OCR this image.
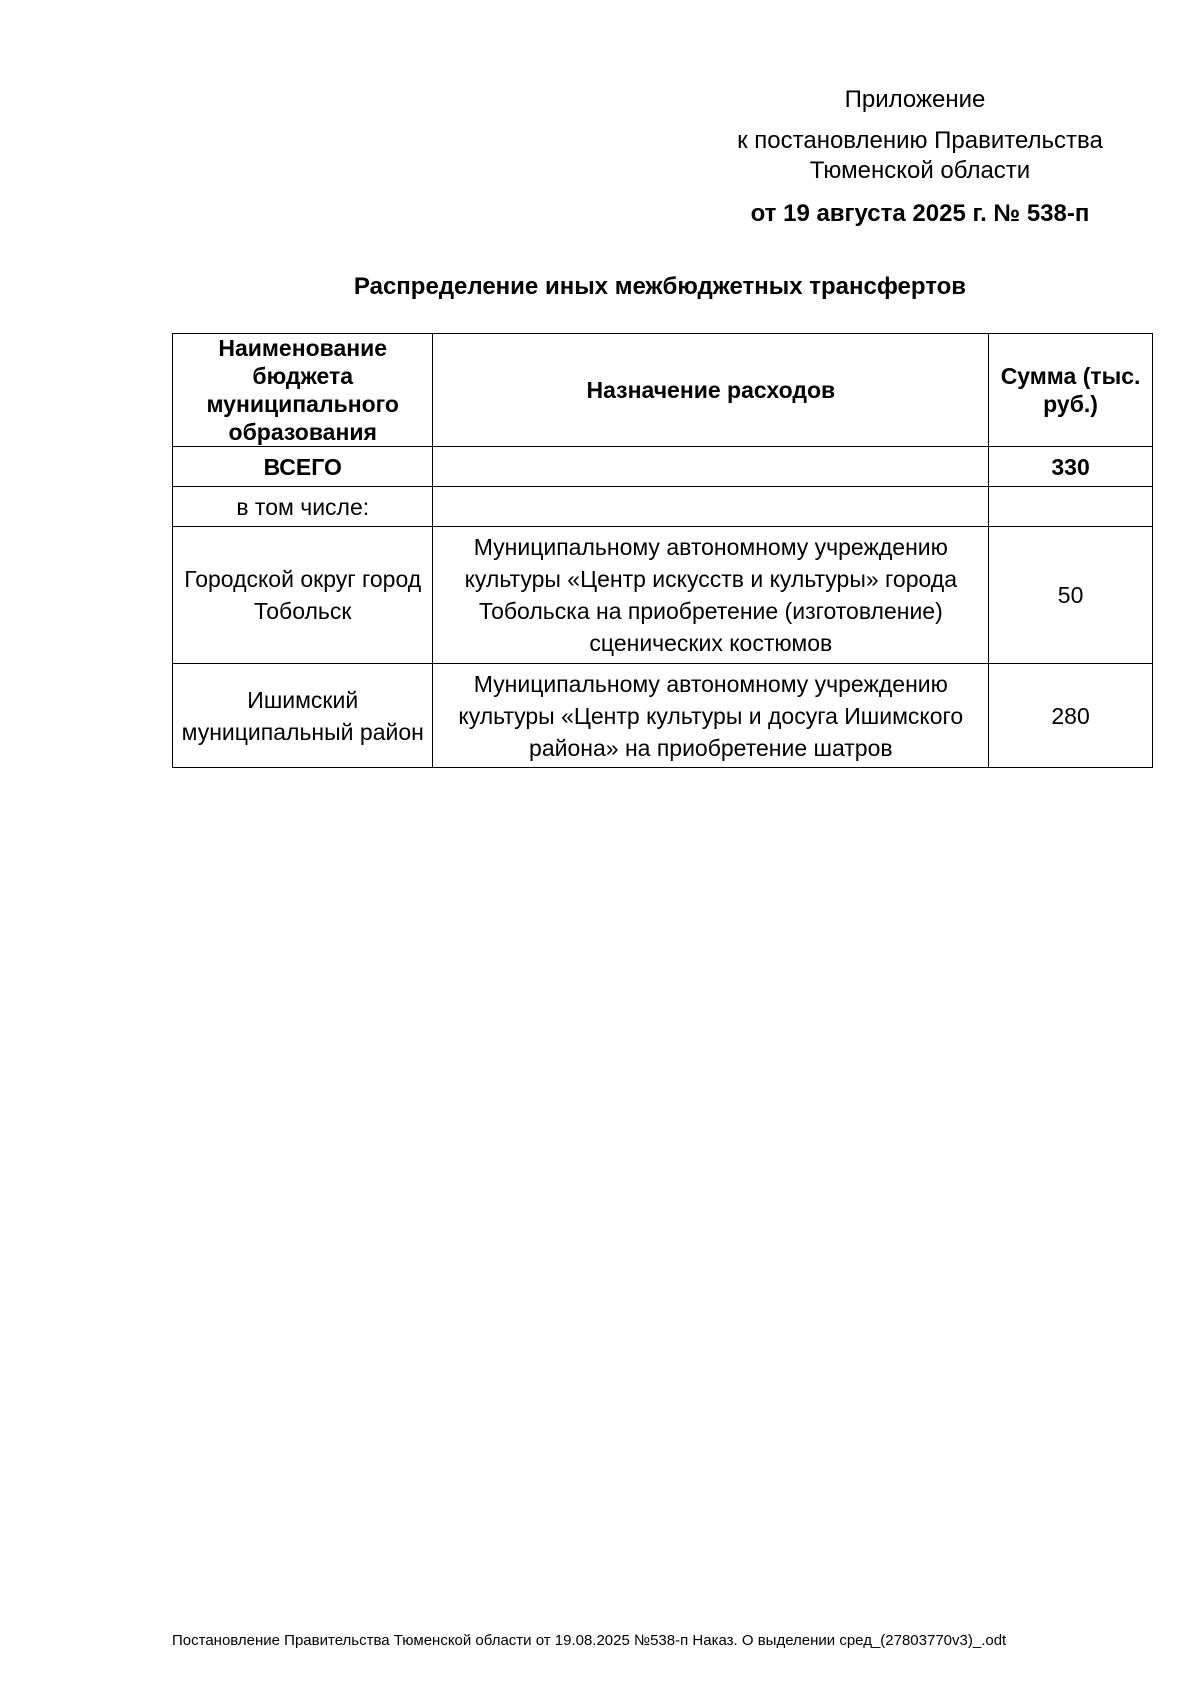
Приложение
к постановлению Правительства Тюменской области
от 19 августа 2025 г. № 538-п
Распределение иных межбюджетных трансфертов
Наименование бюджета муниципального образования	Назначение расходов	Сумма (тыс. руб.)
ВСЕГО		330
в том числе:		
Городской округ город Тобольск	Муниципальному автономному учреждению культуры «Центр искусств и культуры» города Тобольска на приобретение (изготовление) сценических костюмов	50
Ишимский муниципальный район	Муниципальному автономному учреждению культуры «Центр культуры и досуга Ишимского района» на приобретение шатров	280
Постановление Правительства Тюменской области от 19.08.2025 №538-п Наказ. О выделении сред_(27803770v3)_.odt
